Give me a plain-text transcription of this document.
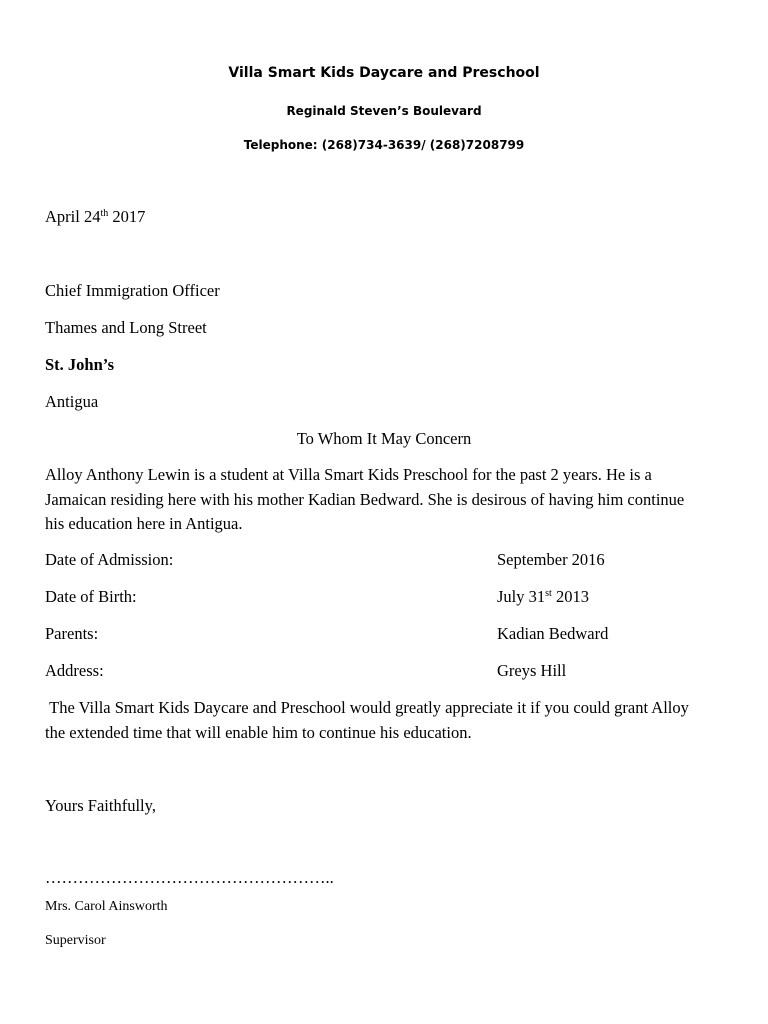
Villa Smart Kids Daycare and Preschool
Reginald Steven’s Boulevard
Telephone: (268)734-3639/ (268)7208799
April 24th 2017
Chief Immigration Officer
Thames and Long Street
St. John’s
Antigua
To Whom It May Concern
Alloy Anthony Lewin is a student at Villa Smart Kids Preschool for the past 2 years. He is a Jamaican residing here with his mother Kadian Bedward. She is desirous of having him continue his education here in Antigua.
Date of Admission:	September 2016
Date of Birth:	July 31st 2013
Parents:	Kadian Bedward
Address:	Greys Hill
The Villa Smart Kids Daycare and Preschool would greatly appreciate it if you could grant Alloy the extended time that will enable him to continue his education.
Yours Faithfully,
……………………………………………..
Mrs. Carol Ainsworth
Supervisor
